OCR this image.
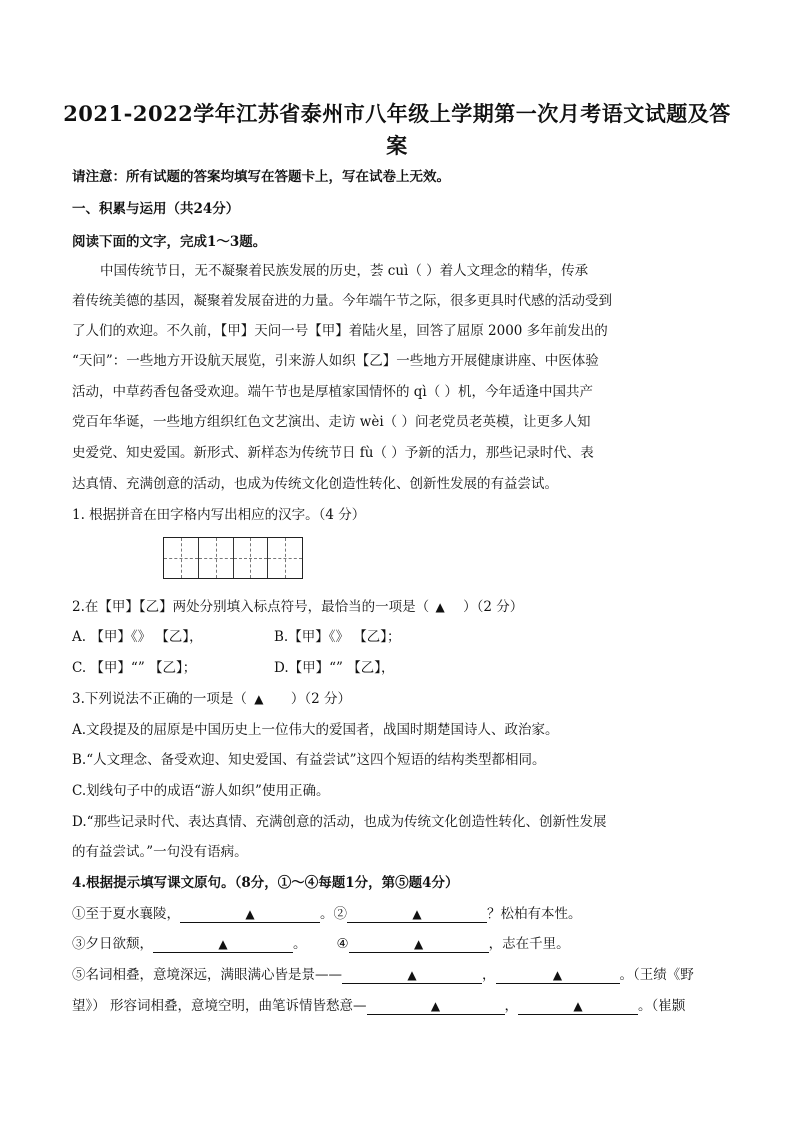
2021-2022学年江苏省泰州市八年级上学期第一次月考语文试题及答
案
请注意：所有试题的答案均填写在答题卡上，写在试卷上无效。
一、积累与运用（共24分）
阅读下面的文字，完成1～3题。
中国传统节日，无不凝聚着民族发展的历史，荟 cuì（ ）着人文理念的精华，传承
着传统美德的基因，凝聚着发展奋进的力量。今年端午节之际，很多更具时代感的活动受到
了人们的欢迎。不久前，【甲】天问一号【甲】着陆火星，回答了屈原 2000 多年前发出的
“天问”：一些地方开设航天展览，引来游人如织【乙】一些地方开展健康讲座、中医体验
活动，中草药香包备受欢迎。端午节也是厚植家国情怀的 qì（ ）机，今年适逢中国共产
党百年华诞，一些地方组织红色文艺演出、走访 wèi（ ）问老党员老英模，让更多人知
史爱党、知史爱国。新形式、新样态为传统节日 fù（ ）予新的活力，那些记录时代、表
达真情、充满创意的活动，也成为传统文化创造性转化、创新性发展的有益尝试。
1. 根据拼音在田字格内写出相应的汉字。（4 分）
2.在【甲】【乙】两处分别填入标点符号，最恰当的一项是（ ▲ ）（2 分）
A. 【甲】《》 【乙】，	B.【甲】《》 【乙】；
C. 【甲】“” 【乙】；	D.【甲】“” 【乙】，
3.下列说法不正确的一项是（ ▲ ）（2 分）
A.文段提及的屈原是中国历史上一位伟大的爱国者，战国时期楚国诗人、政治家。
B.“人文理念、备受欢迎、知史爱国、有益尝试”这四个短语的结构类型都相同。
C.划线句子中的成语“游人如织”使用正确。
D.“那些记录时代、表达真情、充满创意的活动，也成为传统文化创造性转化、创新性发展
的有益尝试。”一句没有语病。
4.根据提示填写课文原句。（8分，①～④每题1分，第⑤题4分）
①至于夏水襄陵，	▲	。②	▲	？松柏有本性。
③夕日欲颓，	▲	。 ④	▲	，志在千里。
⑤名词相叠，意境深远，满眼满心皆是景——	▲	，	▲	。（王绩《野
望》） 形容词相叠，意境空明，曲笔诉情皆愁意—	▲	，	▲	。（崔颢
